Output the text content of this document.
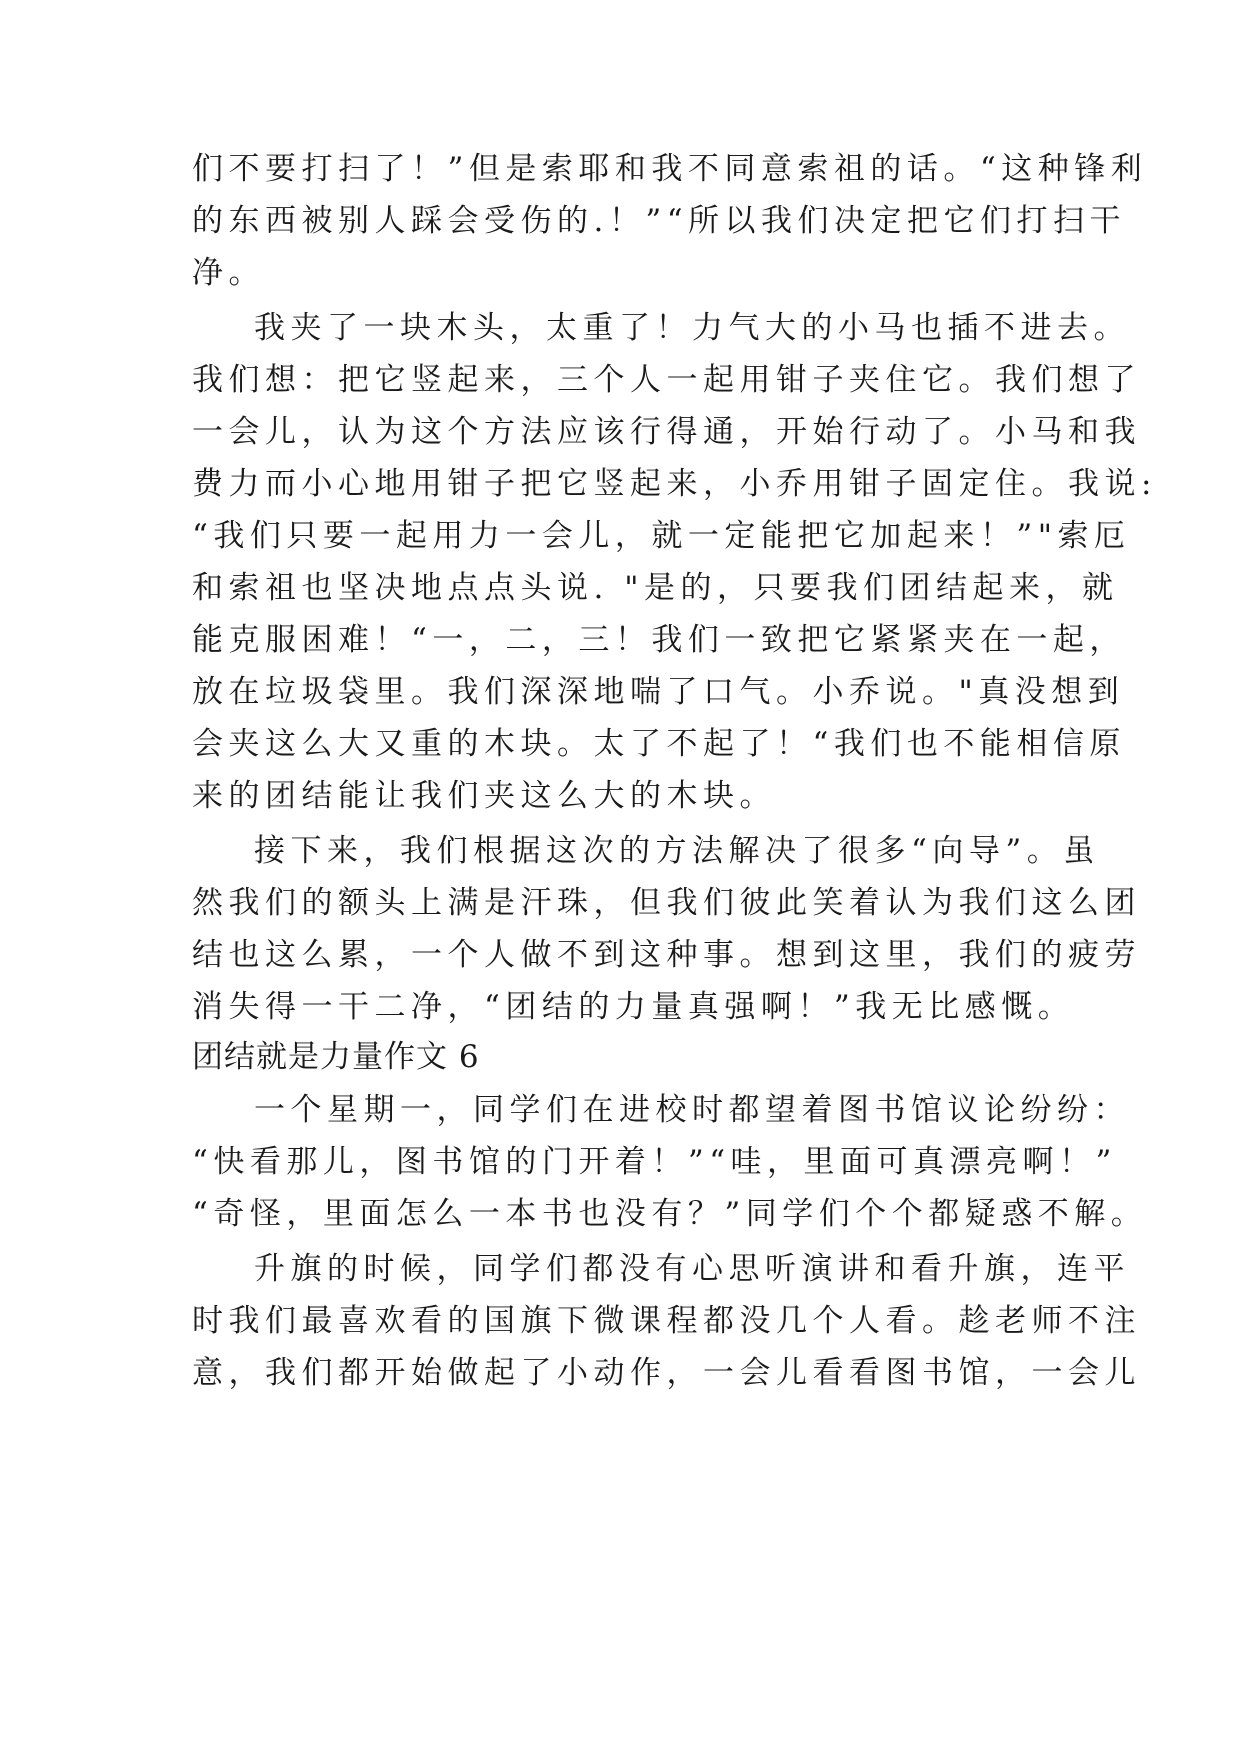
们不要打扫了！”但是索耶和我不同意索祖的话。“这种锋利

的东西被别人踩会受伤的.！”“所以我们决定把它们打扫干

净。

我夹了一块木头，太重了！力气大的小马也插不进去。

我们想：把它竖起来，三个人一起用钳子夹住它。我们想了

一会儿，认为这个方法应该行得通，开始行动了。小马和我

费力而小心地用钳子把它竖起来，小乔用钳子固定住。我说:

“我们只要一起用力一会儿，就一定能把它加起来！”"索厄

和索祖也坚决地点点头说. "是的，只要我们团结起来，就

能克服困难！“一，二，三！我们一致把它紧紧夹在一起，

放在垃圾袋里。我们深深地喘了口气。小乔说。"真没想到

会夹这么大又重的木块。太了不起了！“我们也不能相信原

来的团结能让我们夹这么大的木块。

接下来，我们根据这次的方法解决了很多“向导”。虽

然我们的额头上满是汗珠，但我们彼此笑着认为我们这么团

结也这么累，一个人做不到这种事。想到这里，我们的疲劳

消失得一干二净，“团结的力量真强啊！”我无比感慨。

团结就是力量作文 6

一个星期一，同学们在进校时都望着图书馆议论纷纷：

“快看那儿，图书馆的门开着！”“哇，里面可真漂亮啊！”

“奇怪，里面怎么一本书也没有？”同学们个个都疑惑不解。

升旗的时候，同学们都没有心思听演讲和看升旗，连平

时我们最喜欢看的国旗下微课程都没几个人看。趁老师不注

意，我们都开始做起了小动作，一会儿看看图书馆，一会儿
